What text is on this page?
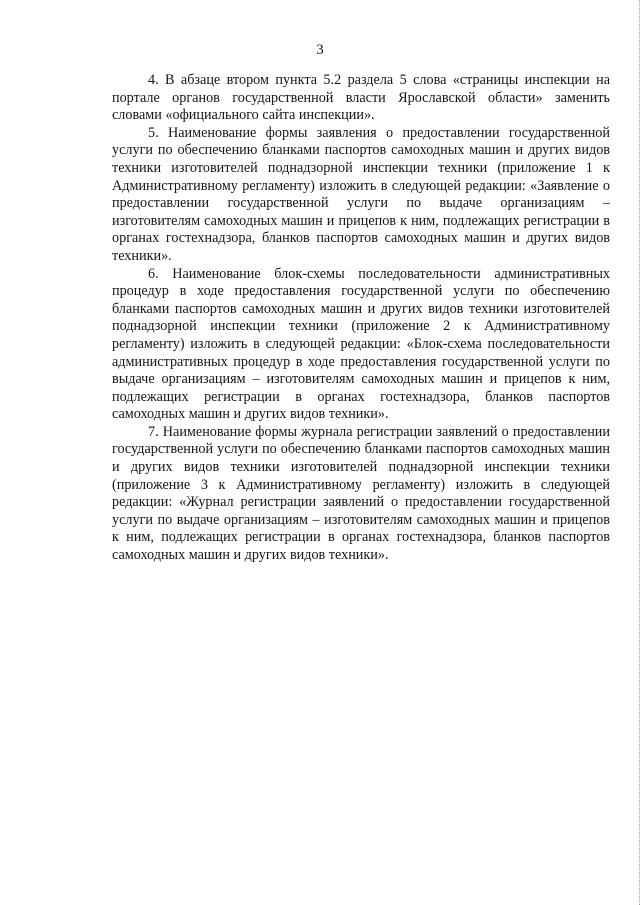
3

4. В абзаце втором пункта 5.2 раздела 5 слова «страницы инспекции на портале органов государственной власти Ярославской области» заменить словами «официального сайта инспекции».

5. Наименование формы заявления о предоставлении государственной услуги по обеспечению бланками паспортов самоходных машин и других видов техники изготовителей поднадзорной инспекции техники (приложение 1 к Административному регламенту) изложить в следующей редакции: «Заявление о предоставлении государственной услуги по выдаче организациям – изготовителям самоходных машин и прицепов к ним, подлежащих регистрации в органах гостехнадзора, бланков паспортов самоходных машин и других видов техники».

6. Наименование блок-схемы последовательности административных процедур в ходе предоставления государственной услуги по обеспечению бланками паспортов самоходных машин и других видов техники изготовителей поднадзорной инспекции техники (приложение 2 к Административному регламенту) изложить в следующей редакции: «Блок-схема последовательности административных процедур в ходе предоставления государственной услуги по выдаче организациям – изготовителям самоходных машин и прицепов к ним, подлежащих регистрации в органах гостехнадзора, бланков паспортов самоходных машин и других видов техники».

7. Наименование формы журнала регистрации заявлений о предоставлении государственной услуги по обеспечению бланками паспортов самоходных машин и других видов техники изготовителей поднадзорной инспекции техники (приложение 3 к Административному регламенту) изложить в следующей редакции: «Журнал регистрации заявлений о предоставлении государственной услуги по выдаче организациям – изготовителям самоходных машин и прицепов к ним, подлежащих регистрации в органах гостехнадзора, бланков паспортов самоходных машин и других видов техники».
